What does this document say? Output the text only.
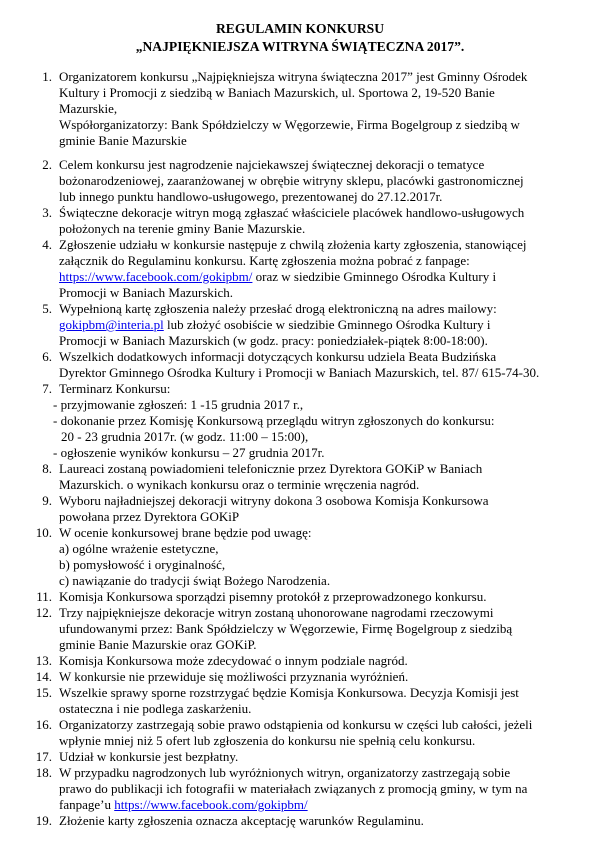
REGULAMIN KONKURSU
„NAJPIĘKNIEJSZA WITRYNA ŚWIĄTECZNA 2017”.
1. Organizatorem konkursu „Najpiękniejsza witryna świąteczna 2017” jest Gminny Ośrodek
Kultury i Promocji z siedzibą w Baniach Mazurskich, ul. Sportowa 2, 19-520 Banie
Mazurskie,
Współorganizatorzy: Bank Spółdzielczy w Węgorzewie, Firma Bogelgroup z siedzibą w
gminie Banie Mazurskie
2. Celem konkursu jest nagrodzenie najciekawszej świątecznej dekoracji o tematyce
bożonarodzeniowej, zaaranżowanej w obrębie witryny sklepu, placówki gastronomicznej
lub innego punktu handlowo-usługowego, prezentowanej do 27.12.2017r.
3. Świąteczne dekoracje witryn mogą zgłaszać właściciele placówek handlowo-usługowych
położonych na terenie gminy Banie Mazurskie.
4. Zgłoszenie udziału w konkursie następuje z chwilą złożenia karty zgłoszenia, stanowiącej
załącznik do Regulaminu konkursu. Kartę zgłoszenia można pobrać z fanpage:
https://www.facebook.com/gokipbm/ oraz w siedzibie Gminnego Ośrodka Kultury i
Promocji w Baniach Mazurskich.
5. Wypełnioną kartę zgłoszenia należy przesłać drogą elektroniczną na adres mailowy:
gokipbm@interia.pl lub złożyć osobiście w siedzibie Gminnego Ośrodka Kultury i
Promocji w Baniach Mazurskich (w godz. pracy: poniedziałek-piątek 8:00-18:00).
6. Wszelkich dodatkowych informacji dotyczących konkursu udziela Beata Budzińska
Dyrektor Gminnego Ośrodka Kultury i Promocji w Baniach Mazurskich, tel. 87/ 615-74-30.
7. Terminarz Konkursu:
- przyjmowanie zgłoszeń: 1 -15 grudnia 2017 r.,
- dokonanie przez Komisję Konkursową przeglądu witryn zgłoszonych do konkursu:
20 - 23 grudnia 2017r. (w godz. 11:00 – 15:00),
- ogłoszenie wyników konkursu – 27 grudnia 2017r.
8. Laureaci zostaną powiadomieni telefonicznie przez Dyrektora GOKiP w Baniach
Mazurskich. o wynikach konkursu oraz o terminie wręczenia nagród.
9. Wyboru najładniejszej dekoracji witryny dokona 3 osobowa Komisja Konkursowa
powołana przez Dyrektora GOKiP
10. W ocenie konkursowej brane będzie pod uwagę:
a) ogólne wrażenie estetyczne,
b) pomysłowość i oryginalność,
c) nawiązanie do tradycji świąt Bożego Narodzenia.
11. Komisja Konkursowa sporządzi pisemny protokół z przeprowadzonego konkursu.
12. Trzy najpiękniejsze dekoracje witryn zostaną uhonorowane nagrodami rzeczowymi
ufundowanymi przez: Bank Spółdzielczy w Węgorzewie, Firmę Bogelgroup z siedzibą
gminie Banie Mazurskie oraz GOKiP.
13. Komisja Konkursowa może zdecydować o innym podziale nagród.
14. W konkursie nie przewiduje się możliwości przyznania wyróżnień.
15. Wszelkie sprawy sporne rozstrzygać będzie Komisja Konkursowa. Decyzja Komisji jest
ostateczna i nie podlega zaskarżeniu.
16. Organizatorzy zastrzegają sobie prawo odstąpienia od konkursu w części lub całości, jeżeli
wpłynie mniej niż 5 ofert lub zgłoszenia do konkursu nie spełnią celu konkursu.
17. Udział w konkursie jest bezpłatny.
18. W przypadku nagrodzonych lub wyróżnionych witryn, organizatorzy zastrzegają sobie
prawo do publikacji ich fotografii w materiałach związanych z promocją gminy, w tym na
fanpage’u https://www.facebook.com/gokipbm/
19. Złożenie karty zgłoszenia oznacza akceptację warunków Regulaminu.
